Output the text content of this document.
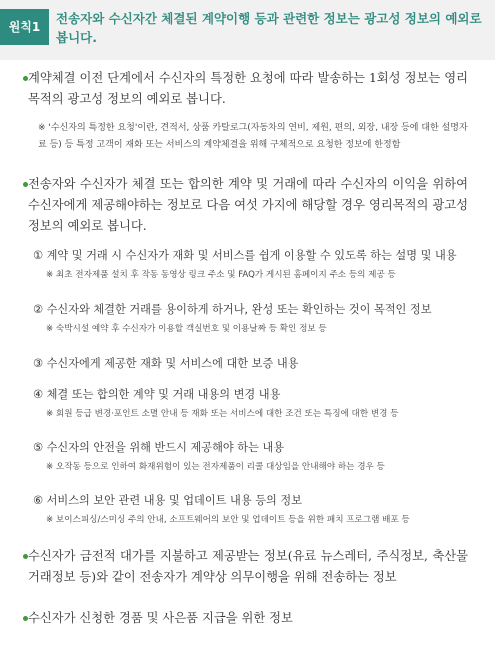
원칙1
전송자와 수신자간 체결된 계약이행 등과 관련한 정보는 광고성 정보의 예외로 봅니다.
계약체결 이전 단계에서 수신자의 특정한 요청에 따라 발송하는 1회성 정보는 영리목적의 광고성 정보의 예외로 봅니다.
※ '수신자의 특정한 요청'이란, 견적서, 상품 카탈로그(자동차의 연비, 제원, 편의, 외장, 내장 등에 대한 설명자료 등) 등 특정 고객이 재화 또는 서비스의 계약체결을 위해 구체적으로 요청한 정보에 한정함
전송자와 수신자가 체결 또는 합의한 계약 및 거래에 따라 수신자의 이익을 위하여 수신자에게 제공해야하는 정보로 다음 여섯 가지에 해당할 경우 영리목적의 광고성 정보의 예외로 봅니다.
① 계약 및 거래 시 수신자가 재화 및 서비스를 쉽게 이용할 수 있도록 하는 설명 및 내용
※ 최초 전자제품 설치 후 작동 동영상 링크 주소 및 FAQ가 게시된 홈페이지 주소 등의 제공 등
② 수신자와 체결한 거래를 용이하게 하거나, 완성 또는 확인하는 것이 목적인 정보
※ 숙박시설 예약 후 수신자가 이용할 객실번호 및 이용날짜 등 확인 정보 등
③ 수신자에게 제공한 재화 및 서비스에 대한 보증 내용
④ 체결 또는 합의한 계약 및 거래 내용의 변경 내용
※ 회원 등급 변경·포인트 소멸 안내 등 재화 또는 서비스에 대한 조건 또는 특징에 대한 변경 등
⑤ 수신자의 안전을 위해 반드시 제공해야 하는 내용
※ 오작동 등으로 인하여 화재위험이 있는 전자제품이 리콜 대상임을 안내해야 하는 경우 등
⑥ 서비스의 보안 관련 내용 및 업데이트 내용 등의 정보
※ 보이스피싱/스미싱 주의 안내, 소프트웨어의 보안 및 업데이트 등을 위한 패치 프로그램 배포 등
수신자가 금전적 대가를 지불하고 제공받는 정보(유료 뉴스레터, 주식정보, 축산물 거래정보 등)와 같이 전송자가 계약상 의무이행을 위해 전송하는 정보
수신자가 신청한 경품 및 사은품 지급을 위한 정보
